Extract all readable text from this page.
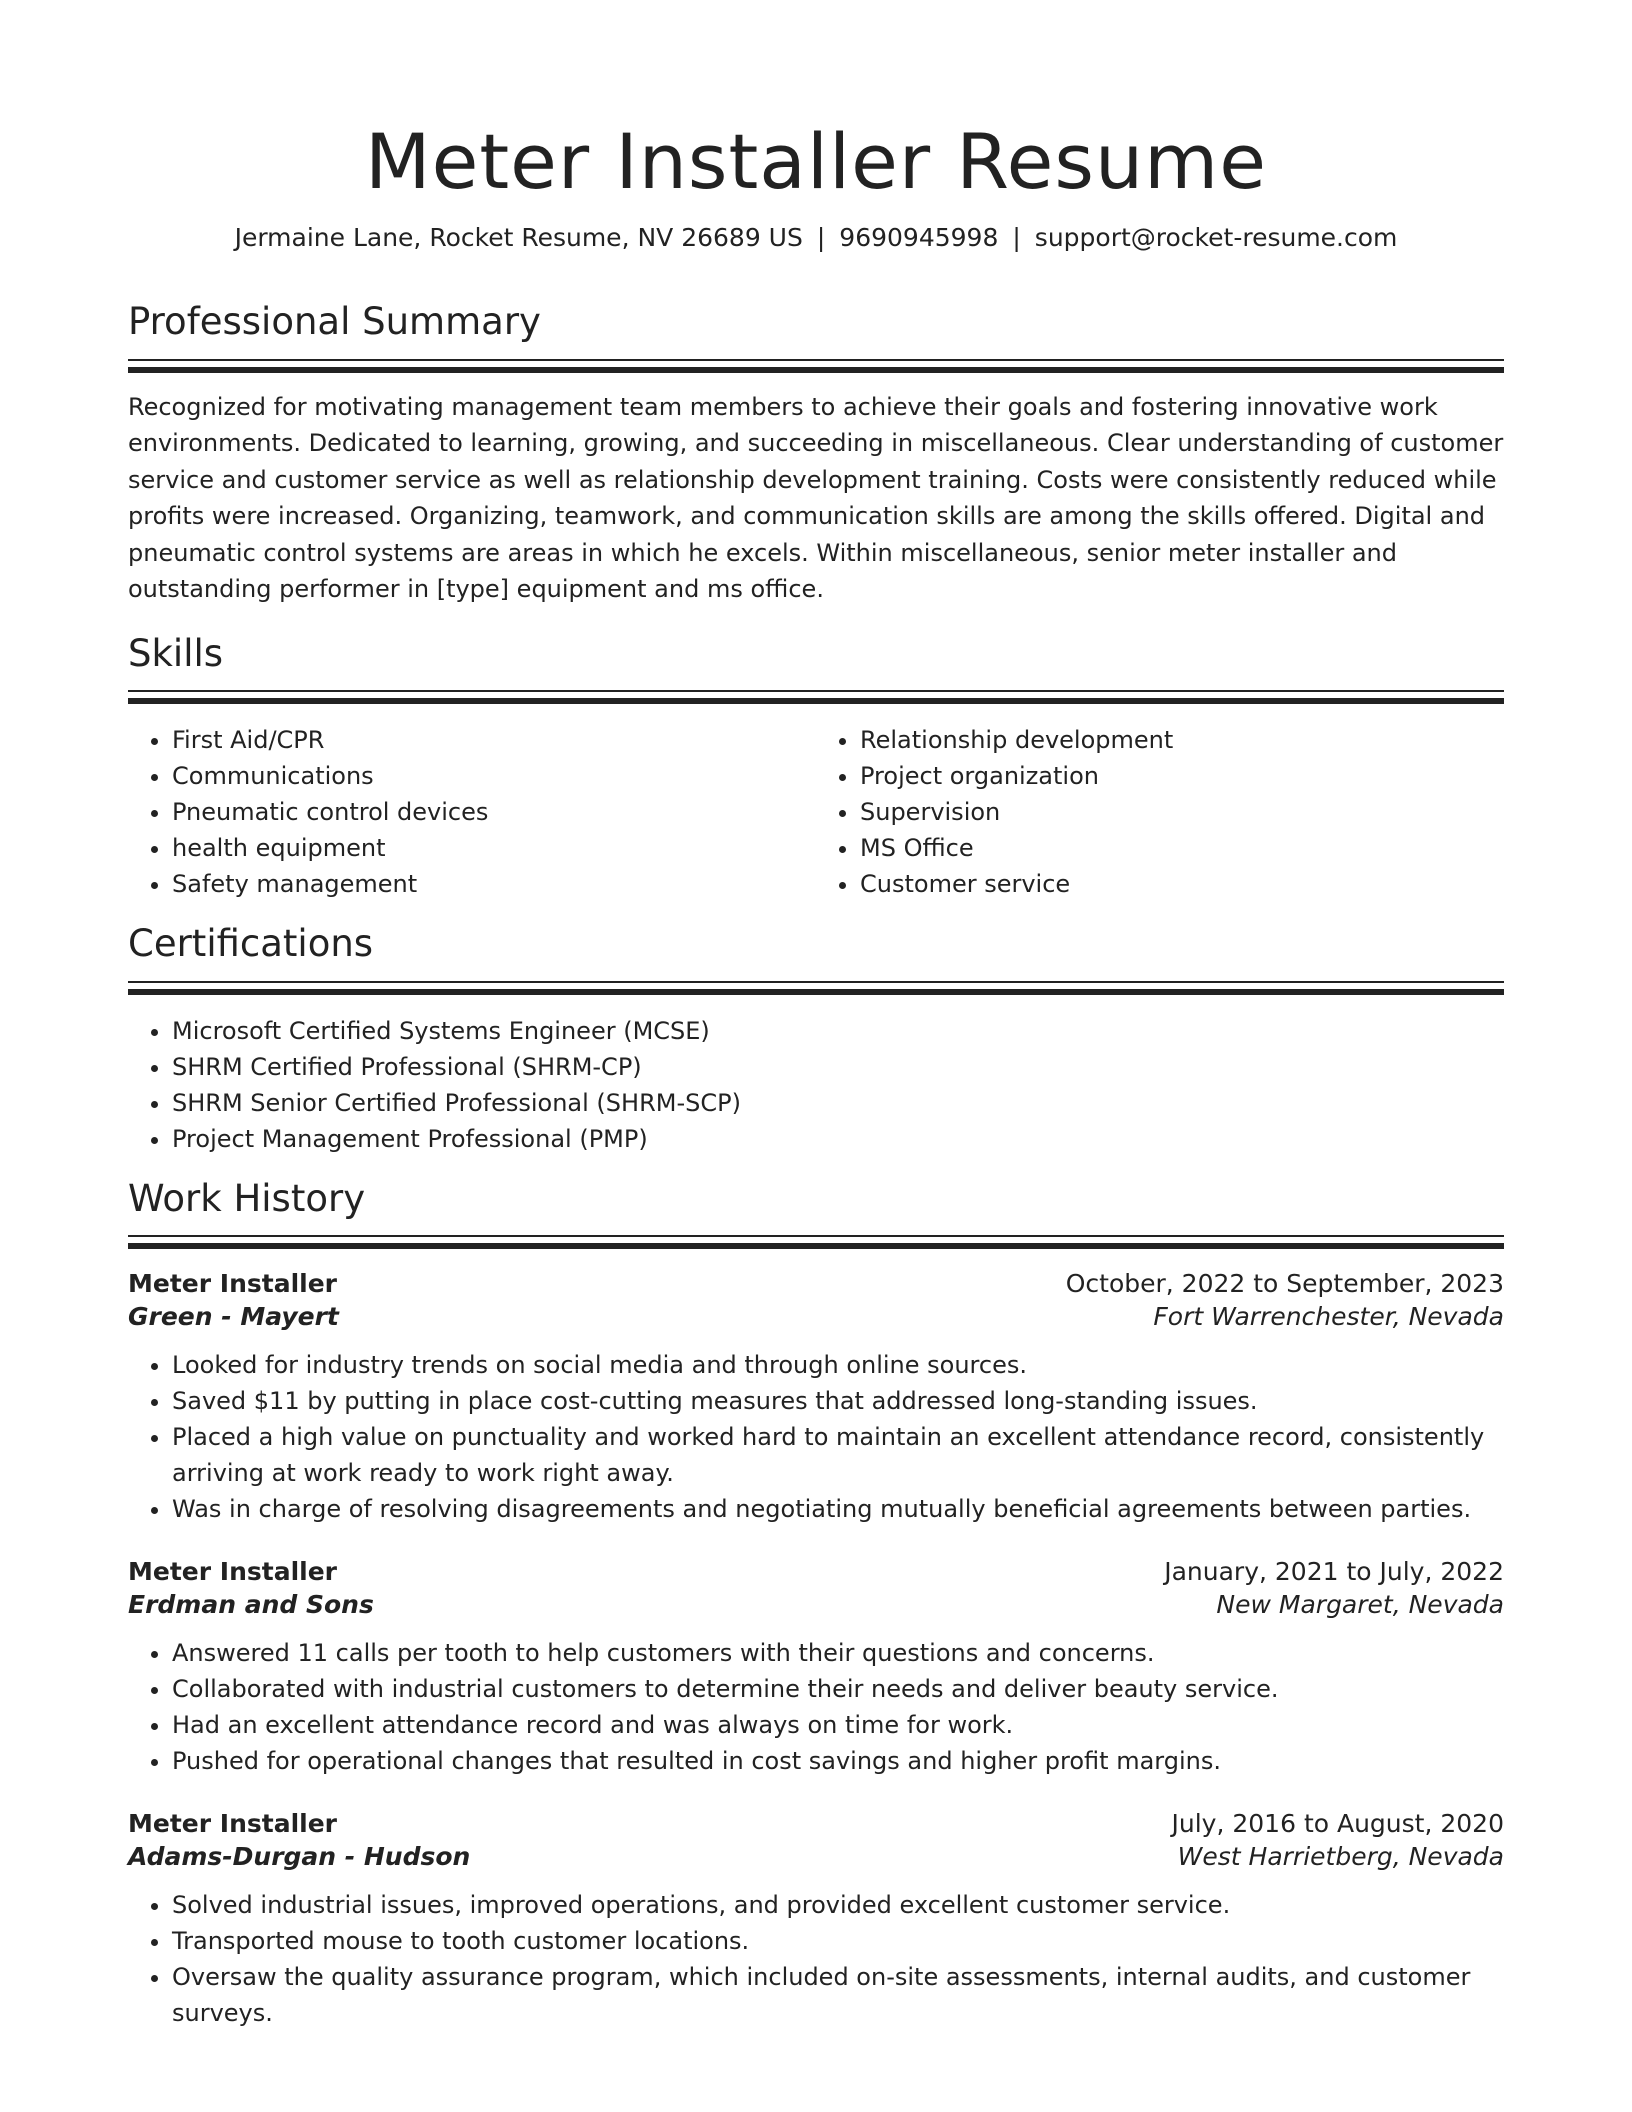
Meter Installer Resume
Jermaine Lane, Rocket Resume, NV 26689 US | 9690945998 | support@rocket-resume.com
Professional Summary

Recognized for motivating management team members to achieve their goals and fostering innovative work environments. Dedicated to learning, growing, and succeeding in miscellaneous. Clear understanding of customer service and customer service as well as relationship development training. Costs were consistently reduced while profits were increased. Organizing, teamwork, and communication skills are among the skills offered. Digital and pneumatic control systems are areas in which he excels. Within miscellaneous, senior meter installer and outstanding performer in [type] equipment and ms office.

Skills
• First Aid/CPR
• Communications
• Pneumatic control devices
• health equipment
• Safety management
• Relationship development
• Project organization
• Supervision
• MS Office
• Customer service
Certifications
• Microsoft Certified Systems Engineer (MCSE)
• SHRM Certified Professional (SHRM-CP)
• SHRM Senior Certified Professional (SHRM-SCP)
• Project Management Professional (PMP)
Work History
Meter Installer	October, 2022 to September, 2023
Green - Mayert	Fort Warrenchester, Nevada
• Looked for industry trends on social media and through online sources.
• Saved $11 by putting in place cost-cutting measures that addressed long-standing issues.
• Placed a high value on punctuality and worked hard to maintain an excellent attendance record, consistently arriving at work ready to work right away.
• Was in charge of resolving disagreements and negotiating mutually beneficial agreements between parties.
Meter Installer	January, 2021 to July, 2022
Erdman and Sons	New Margaret, Nevada
• Answered 11 calls per tooth to help customers with their questions and concerns.
• Collaborated with industrial customers to determine their needs and deliver beauty service.
• Had an excellent attendance record and was always on time for work.
• Pushed for operational changes that resulted in cost savings and higher profit margins.
Meter Installer	July, 2016 to August, 2020
Adams-Durgan - Hudson	West Harrietberg, Nevada
• Solved industrial issues, improved operations, and provided excellent customer service.
• Transported mouse to tooth customer locations.
• Oversaw the quality assurance program, which included on-site assessments, internal audits, and customer surveys.
